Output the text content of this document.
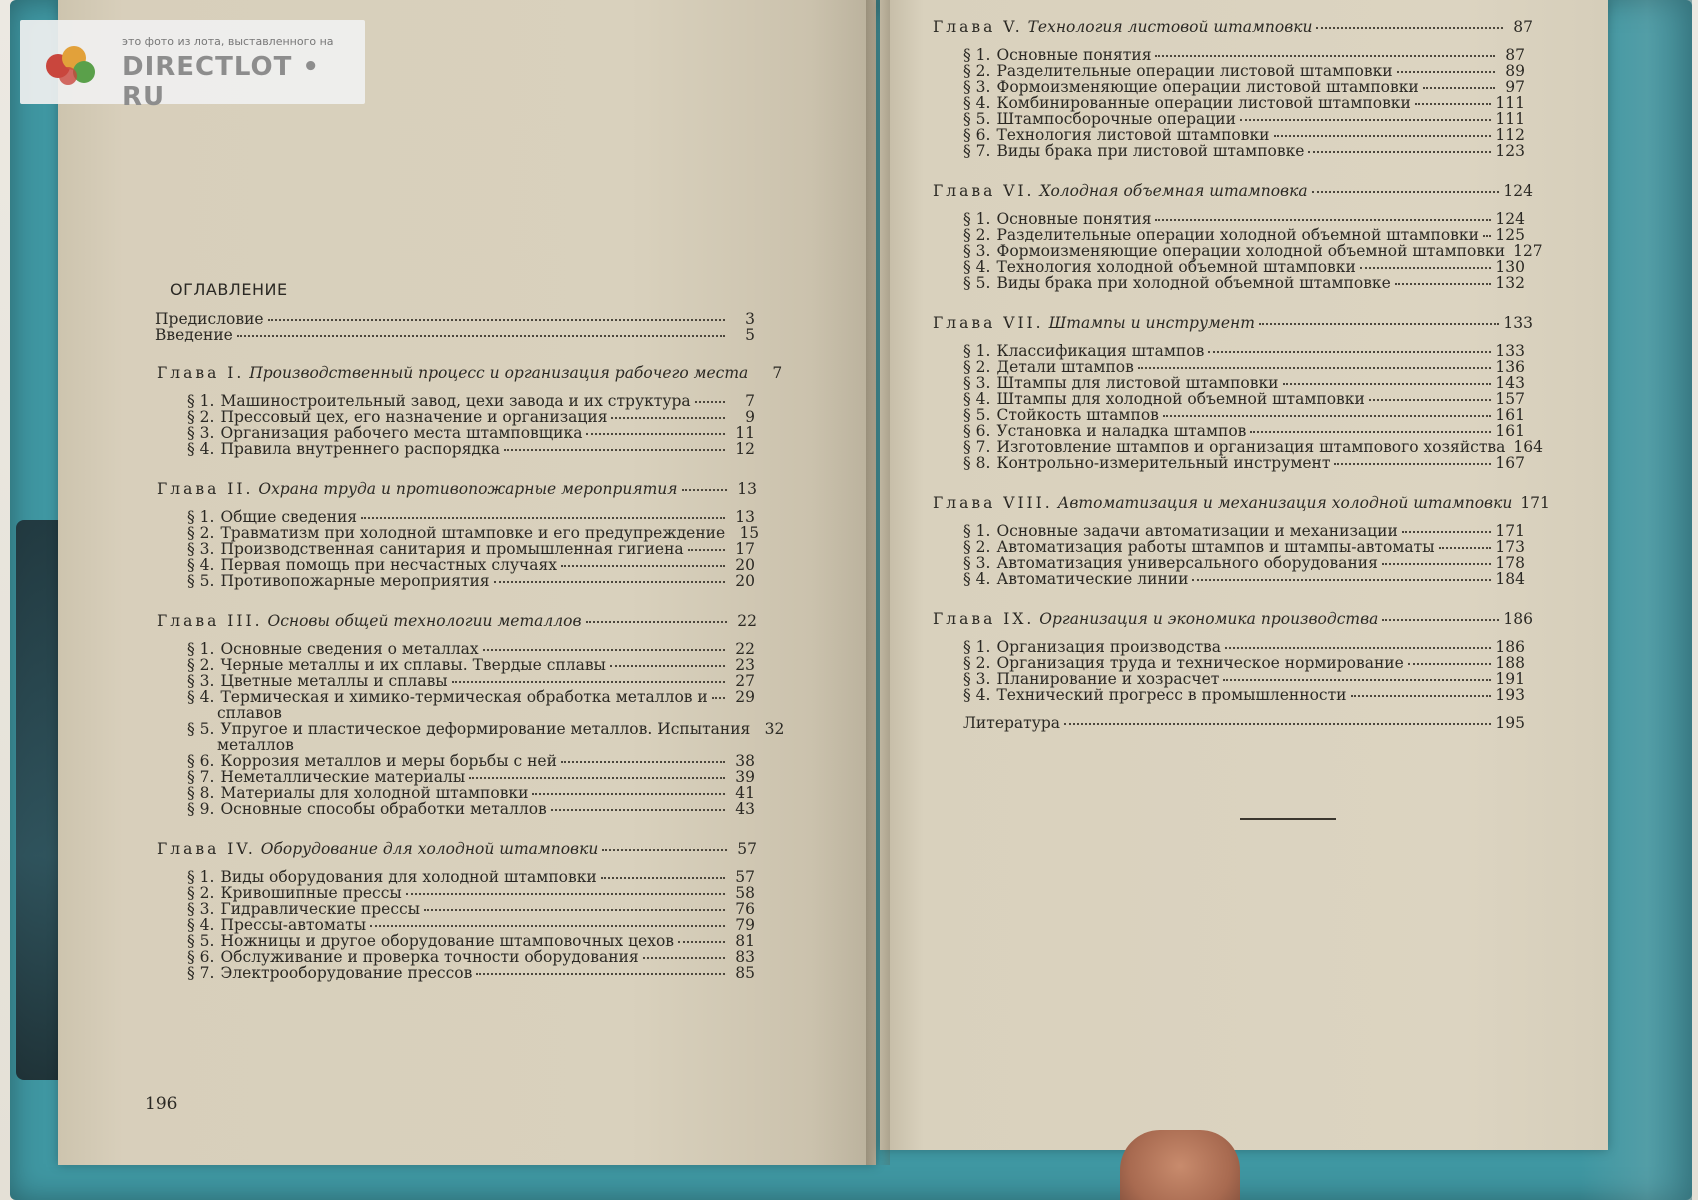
ОГЛАВЛЕНИЕ
Предисловие	3
Введение	5
Глава I. Производственный процесс и организация рабочего места	7
§ 1. Машиностроительный завод, цехи завода и их структура	7
§ 2. Прессовый цех, его назначение и организация	9
§ 3. Организация рабочего места штамповщика	11
§ 4. Правила внутреннего распорядка	12
Глава II. Охрана труда и противопожарные мероприятия	13
§ 1. Общие сведения	13
§ 2. Травматизм при холодной штамповке и его предупреждение 15
§ 3. Производственная санитария и промышленная гигиена	17
§ 4. Первая помощь при несчастных случаях	20
§ 5. Противопожарные мероприятия	20
Глава III. Основы общей технологии металлов	22
§ 1. Основные сведения о металлах	22
§ 2. Черные металлы и их сплавы. Твердые сплавы	23
§ 3. Цветные металлы и сплавы	27
§ 4. Термическая и химико-термическая обработка металлов и	29
сплавов
§ 5. Упругое и пластическое деформирование металлов. Испытания 32
металлов
§ 6. Коррозия металлов и меры борьбы с ней	38
§ 7. Неметаллические материалы	39
§ 8. Материалы для холодной штамповки	41
§ 9. Основные способы обработки металлов	43
Глава IV. Оборудование для холодной штамповки	57
§ 1. Виды оборудования для холодной штамповки	57
§ 2. Кривошипные прессы	58
§ 3. Гидравлические прессы	76
§ 4. Прессы-автоматы	79
§ 5. Ножницы и другое оборудование штамповочных цехов	81
§ 6. Обслуживание и проверка точности оборудования	83
§ 7. Электрооборудование прессов	85
Глава V. Технология листовой штамповки	87
§ 1. Основные понятия	87
§ 2. Разделительные операции листовой штамповки	89
§ 3. Формоизменяющие операции листовой штамповки	97
§ 4. Комбинированные операции листовой штамповки	111
§ 5. Штампосборочные операции	111
§ 6. Технология листовой штамповки	112
§ 7. Виды брака при листовой штамповке	123
Глава VI. Холодная объемная штамповка	124
§ 1. Основные понятия	124
§ 2. Разделительные операции холодной объемной штамповки 125
§ 3. Формоизменяющие операции холодной объемной штамповки 127
§ 4. Технология холодной объемной штамповки	130
§ 5. Виды брака при холодной объемной штамповке	132
Глава VII. Штампы и инструмент	133
§ 1. Классификация штампов	133
§ 2. Детали штампов	136
§ 3. Штампы для листовой штамповки	143
§ 4. Штампы для холодной объемной штамповки	157
§ 5. Стойкость штампов	161
§ 6. Установка и наладка штампов	161
§ 7. Изготовление штампов и организация штампового хозяйства 164
§ 8. Контрольно-измерительный инструмент	167
Глава VIII. Автоматизация и механизация холодной штамповки 171
§ 1. Основные задачи автоматизации и механизации	171
§ 2. Автоматизация работы штампов и штампы-автоматы	173
§ 3. Автоматизация универсального оборудования	178
§ 4. Автоматические линии	184
Глава IX. Организация и экономика производства	186
§ 1. Организация производства	186
§ 2. Организация труда и техническое нормирование	188
§ 3. Планирование и хозрасчет	191
§ 4. Технический прогресс в промышленности	193
Литература	195
196
это фото из лота, выставленного на
DIRECTLOT • RU
